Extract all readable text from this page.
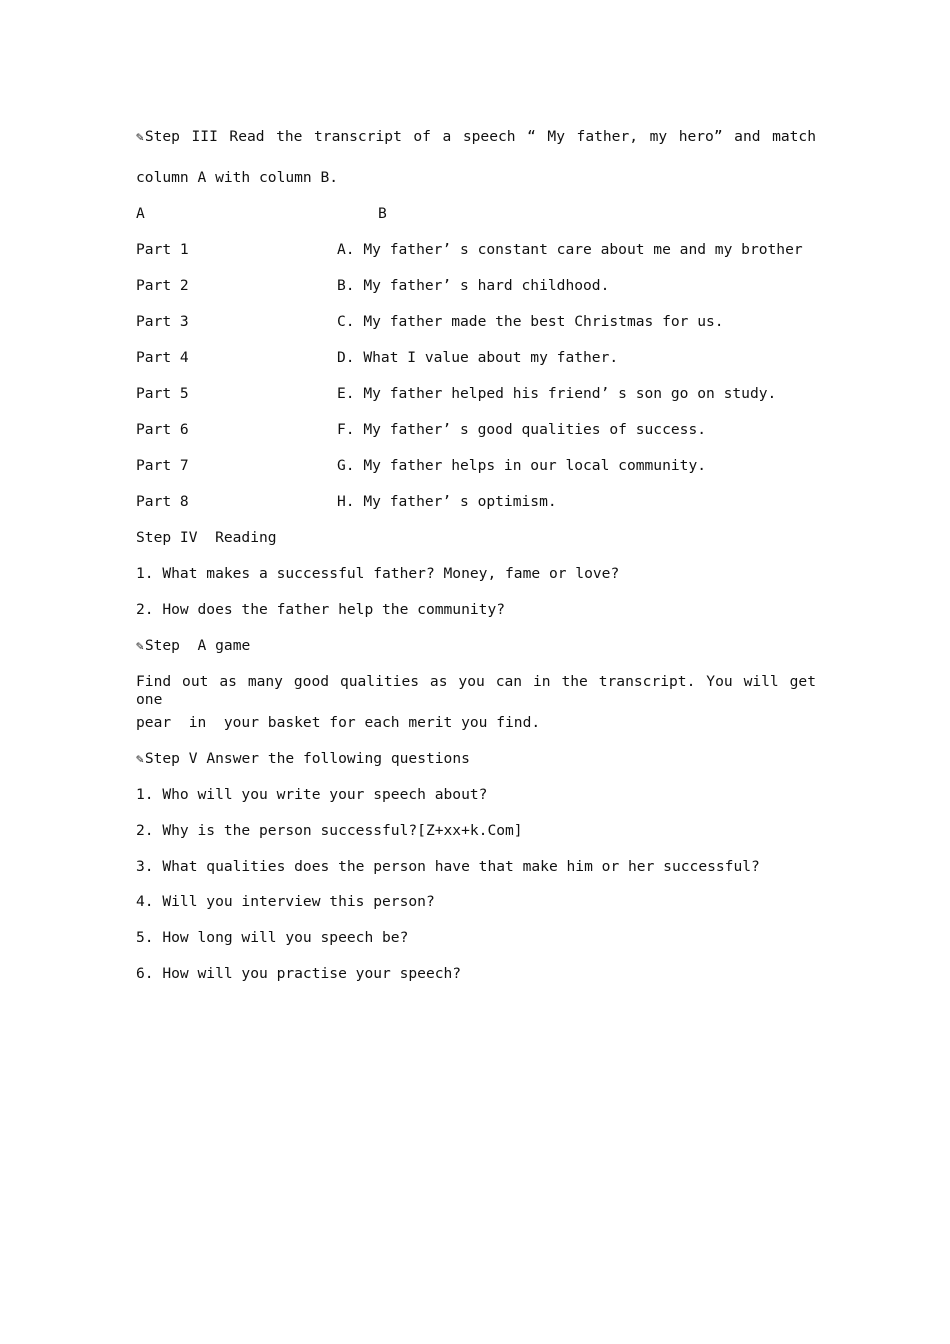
✎Step III Read the transcript of a speech “ My father, my hero” and match
column A with column B.
A	B
Part 1	A. My father’ s constant care about me and my brother
Part 2	B. My father’ s hard childhood.
Part 3	C. My father made the best Christmas for us.
Part 4	D. What I value about my father.
Part 5	E. My father helped his friend’ s son go on study.
Part 6	F. My father’ s good qualities of success.
Part 7	G. My father helps in our local community.
Part 8	H. My father’ s optimism.
Step IV  Reading
1. What makes a successful father? Money, fame or love?
2. How does the father help the community?
✎Step  A game
Find out as many good qualities as you can in the transcript. You will get one
pear  in  your basket for each merit you find.
✎Step V Answer the following questions
1. Who will you write your speech about?
2. Why is the person successful?[Z+xx+k.Com]
3. What qualities does the person have that make him or her successful?
4. Will you interview this person?
5. How long will you speech be?
6. How will you practise your speech?
